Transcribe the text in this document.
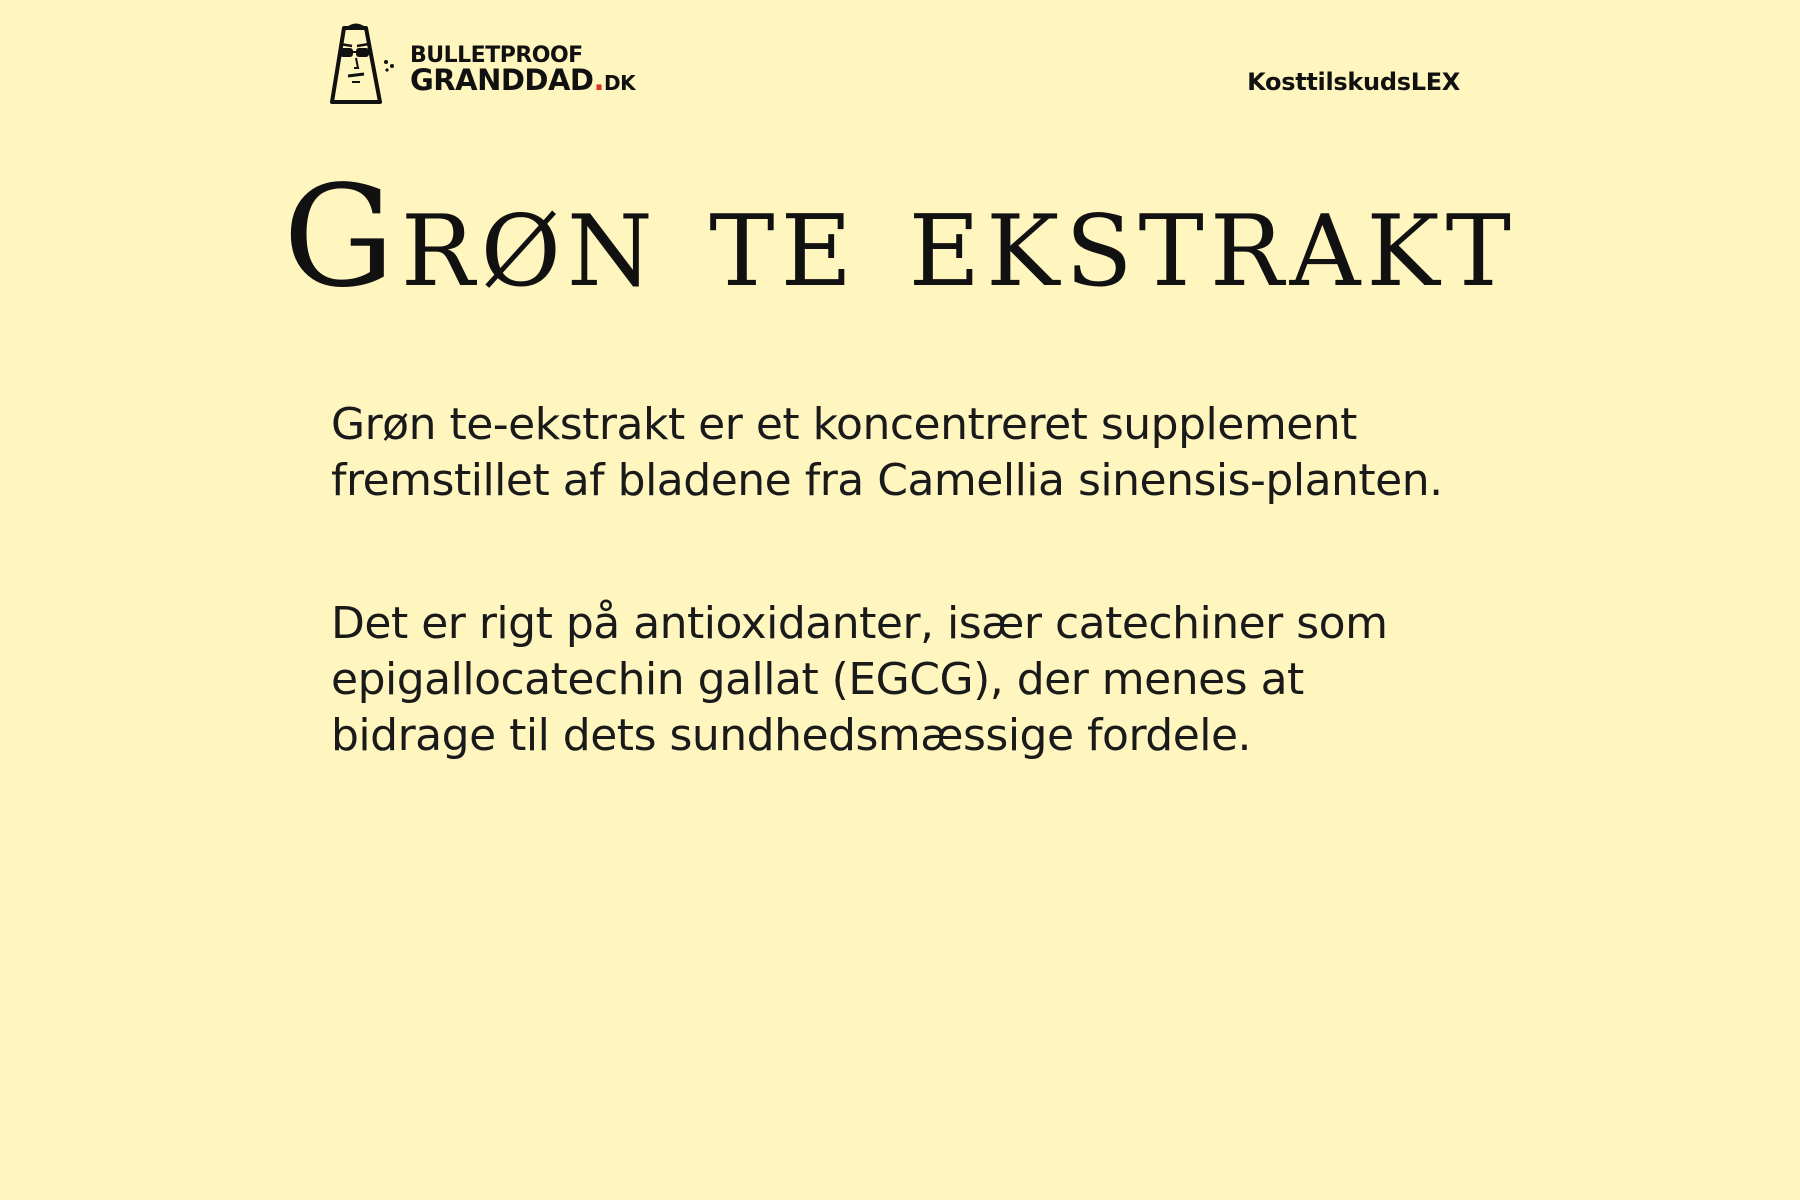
BULLETPROOF
GRANDDAD.DK	KosttilskudsLEX
Grøn te ekstrakt

Grøn te-ekstrakt er et koncentreret supplement fremstillet af bladene fra Camellia sinensis-planten.

Det er rigt på antioxidanter, især catechiner som epigallocatechin gallat (EGCG), der menes at bidrage til dets sundhedsmæssige fordele.
